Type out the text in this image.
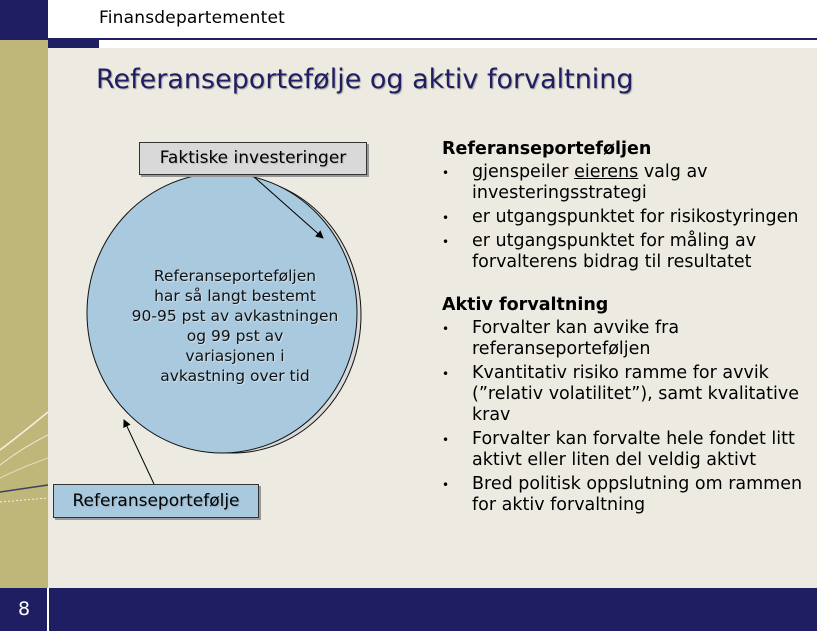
Finansdepartementet
8
Referanseportefølje og aktiv forvaltning
Faktiske investeringer
Referanseportefølje
Referanseporteføljen
har så langt bestemt
90-95 pst av avkastningen
og 99 pst av
variasjonen i
avkastning over tid
Referanseporteføljen
• gjenspeiler eierens valg av investeringsstrategi
• er utgangspunktet for risikostyringen
• er utgangspunktet for måling av forvalterens bidrag til resultatet
Aktiv forvaltning
• Forvalter kan avvike fra referanseporteføljen
• Kvantitativ risiko ramme for avvik (”relativ volatilitet”), samt kvalitative krav
• Forvalter kan forvalte hele fondet litt aktivt eller liten del veldig aktivt
• Bred politisk oppslutning om rammen for aktiv forvaltning
